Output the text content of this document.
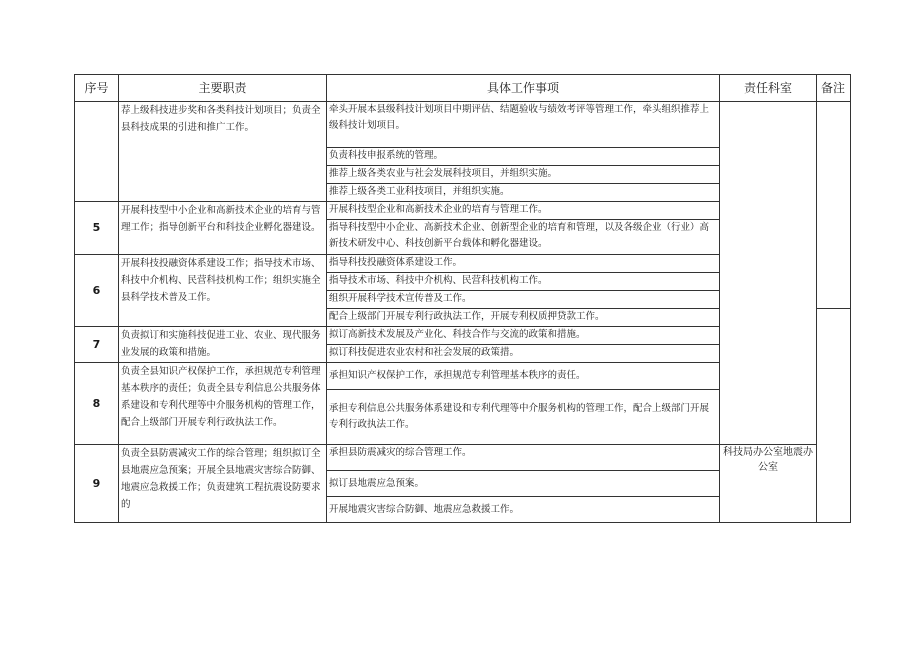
序号	主要职责	具体工作事项	责任科室	备注
	荐上级科技进步奖和各类科技计划项目；负责全县科技成果的引进和推广工作。	牵头开展本县级科技计划项目中期评估、结题验收与绩效考评等管理工作，牵头组织推荐上级科技计划项目。		
		负责科技申报系统的管理。		
		推荐上级各类农业与社会发展科技项目，并组织实施。		
		推荐上级各类工业科技项目，并组织实施。		
5	开展科技型中小企业和高新技术企业的培育与管理工作；指导创新平台和科技企业孵化器建设。	开展科技型企业和高新技术企业的培育与管理工作。		
		指导科技型中小企业、高新技术企业、创新型企业的培育和管理，以及各级企业（行业）高新技术研发中心、科技创新平台载体和孵化器建设。		
6	开展科技投融资体系建设工作；指导技术市场、科技中介机构、民营科技机构工作；组织实施全县科学技术普及工作。	指导科技投融资体系建设工作。		
		指导技术市场、科技中介机构、民营科技机构工作。		
		组织开展科学技术宣传普及工作。		
		配合上级部门开展专利行政执法工作，开展专利权质押贷款工作。		
7	负责拟订和实施科技促进工业、农业、现代服务业发展的政策和措施。	拟订高新技术发展及产业化、科技合作与交流的政策和措施。		
		拟订科技促进农业农村和社会发展的政策措。		
8	负责全县知识产权保护工作，承担规范专利管理基本秩序的责任；负责全县专利信息公共服务体系建设和专利代理等中介服务机构的管理工作，配合上级部门开展专利行政执法工作。	承担知识产权保护工作，承担规范专利管理基本秩序的责任。		
		承担专利信息公共服务体系建设和专利代理等中介服务机构的管理工作，配合上级部门开展专利行政执法工作。		
9	负责全县防震减灾工作的综合管理；组织拟订全县地震应急预案；开展全县地震灾害综合防御、地震应急救援工作；负责建筑工程抗震设防要求的	承担县防震减灾的综合管理工作。	科技局办公室地震办公室	
		拟订县地震应急预案。		
		开展地震灾害综合防御、地震应急救援工作。		
